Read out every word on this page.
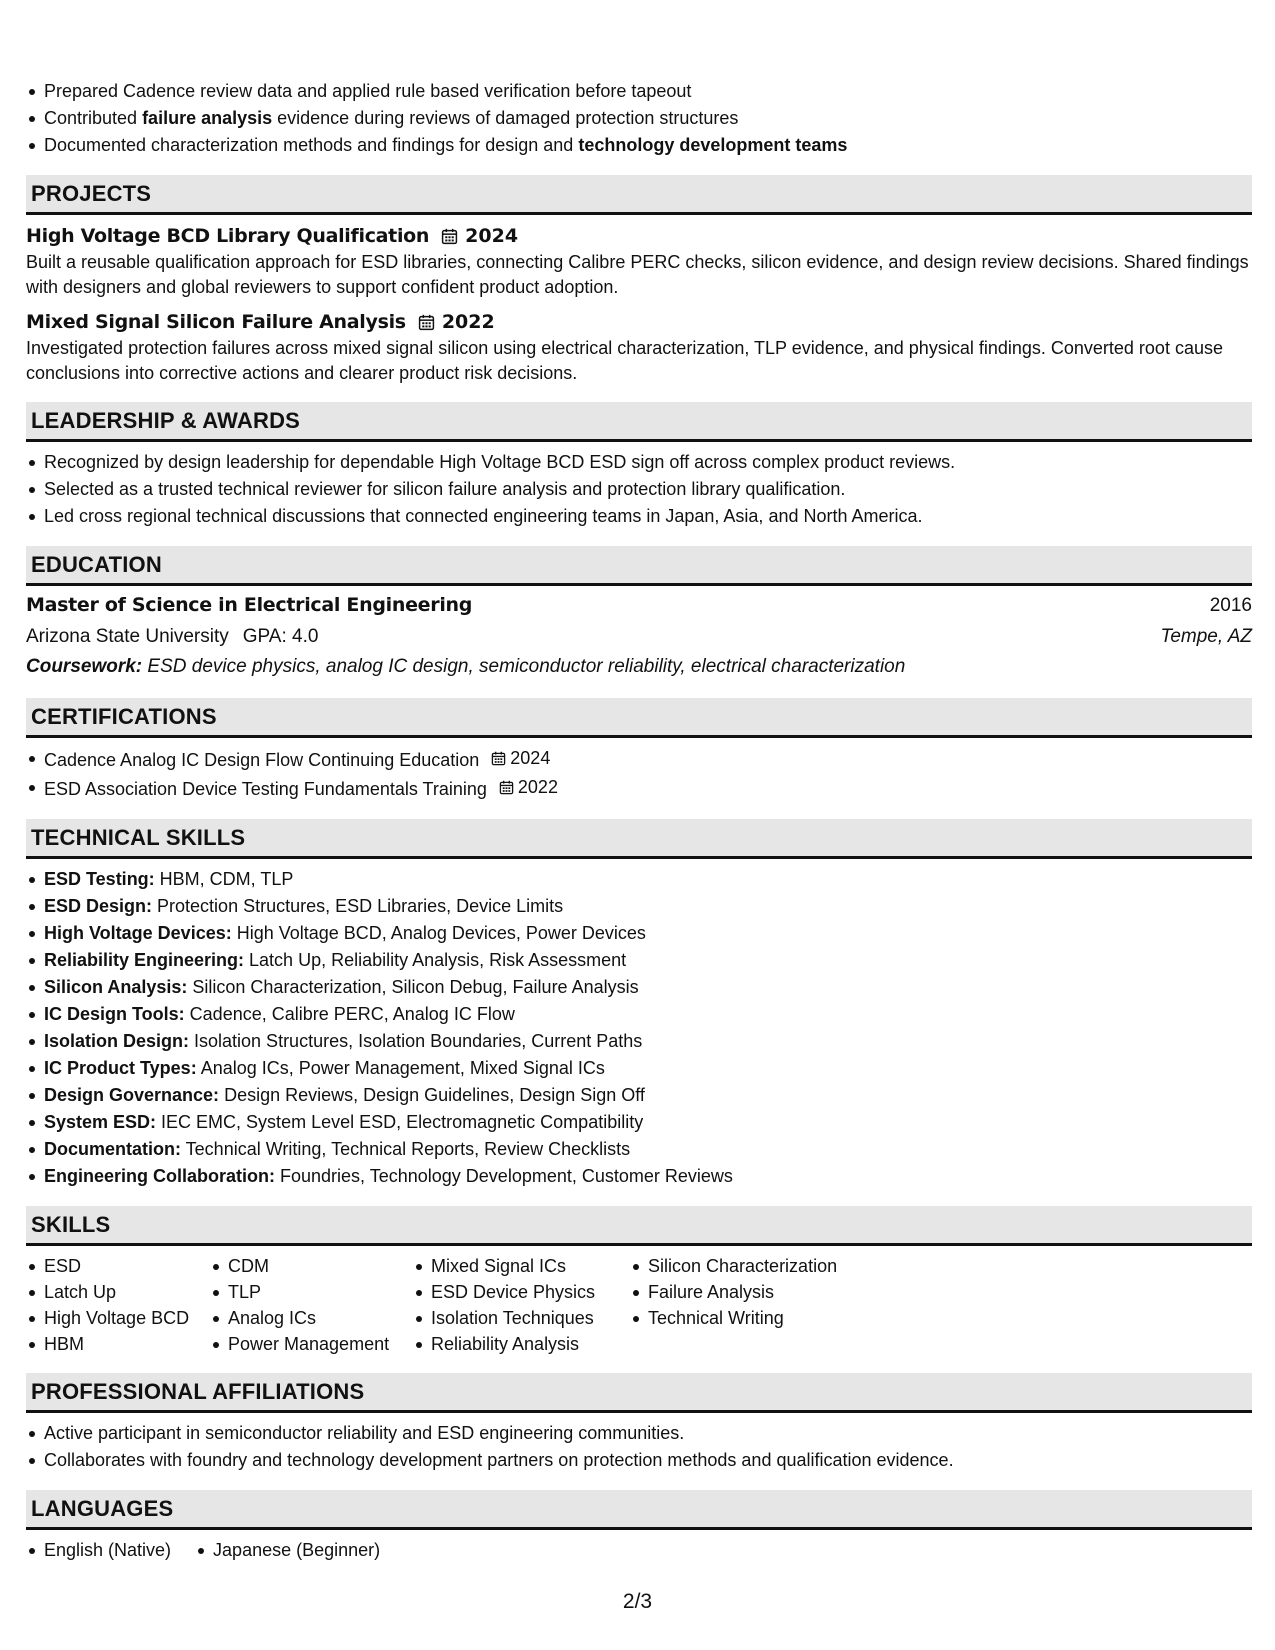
Prepared Cadence review data and applied rule based verification before tapeout
Contributed failure analysis evidence during reviews of damaged protection structures
Documented characterization methods and findings for design and technology development teams
PROJECTS
High Voltage BCD Library Qualification 2024

Built a reusable qualification approach for ESD libraries, connecting Calibre PERC checks, silicon evidence, and design review decisions. Shared findings with designers and global reviewers to support confident product adoption.

Mixed Signal Silicon Failure Analysis 2022

Investigated protection failures across mixed signal silicon using electrical characterization, TLP evidence, and physical findings. Converted root cause conclusions into corrective actions and clearer product risk decisions.

LEADERSHIP & AWARDS
Recognized by design leadership for dependable High Voltage BCD ESD sign off across complex product reviews.
Selected as a trusted technical reviewer for silicon failure analysis and protection library qualification.
Led cross regional technical discussions that connected engineering teams in Japan, Asia, and North America.
EDUCATION
Master of Science in Electrical Engineering	2016
Arizona State University GPA: 4.0	Tempe, AZ
Coursework: ESD device physics, analog IC design, semiconductor reliability, electrical characterization
CERTIFICATIONS
Cadence Analog IC Design Flow Continuing Education 2024
ESD Association Device Testing Fundamentals Training 2022
TECHNICAL SKILLS
ESD Testing: HBM, CDM, TLP
ESD Design: Protection Structures, ESD Libraries, Device Limits
High Voltage Devices: High Voltage BCD, Analog Devices, Power Devices
Reliability Engineering: Latch Up, Reliability Analysis, Risk Assessment
Silicon Analysis: Silicon Characterization, Silicon Debug, Failure Analysis
IC Design Tools: Cadence, Calibre PERC, Analog IC Flow
Isolation Design: Isolation Structures, Isolation Boundaries, Current Paths
IC Product Types: Analog ICs, Power Management, Mixed Signal ICs
Design Governance: Design Reviews, Design Guidelines, Design Sign Off
System ESD: IEC EMC, System Level ESD, Electromagnetic Compatibility
Documentation: Technical Writing, Technical Reports, Review Checklists
Engineering Collaboration: Foundries, Technology Development, Customer Reviews
SKILLS
ESD
Latch Up
High Voltage BCD
HBM
CDM
TLP
Analog ICs
Power Management
Mixed Signal ICs
ESD Device Physics
Isolation Techniques
Reliability Analysis
Silicon Characterization
Failure Analysis
Technical Writing
PROFESSIONAL AFFILIATIONS
Active participant in semiconductor reliability and ESD engineering communities.
Collaborates with foundry and technology development partners on protection methods and qualification evidence.
LANGUAGES
English (Native)	Japanese (Beginner)
2/3
